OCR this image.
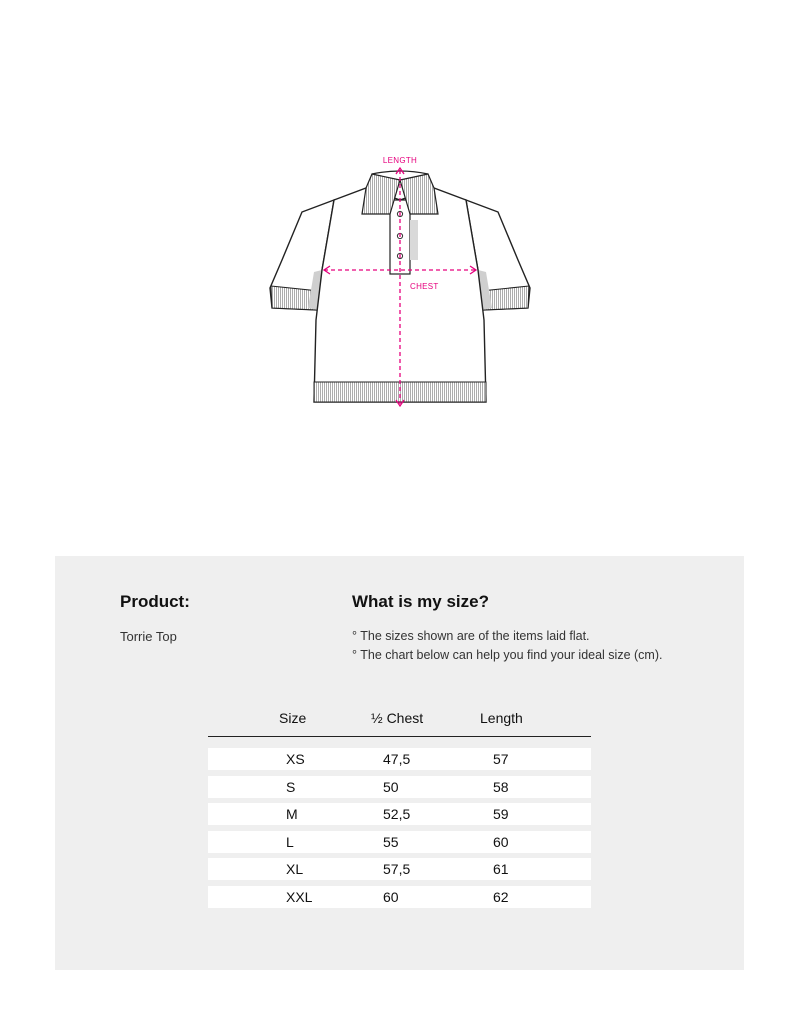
LENGTH
CHEST
Product:
Torrie Top
What is my size?
° The sizes shown are of the items laid flat.
° The chart below can help you find your ideal size (cm).
Size	½ Chest	Length
XS	47,5	57
S	50	58
M	52,5	59
L	55	60
XL	57,5	61
XXL	60	62
